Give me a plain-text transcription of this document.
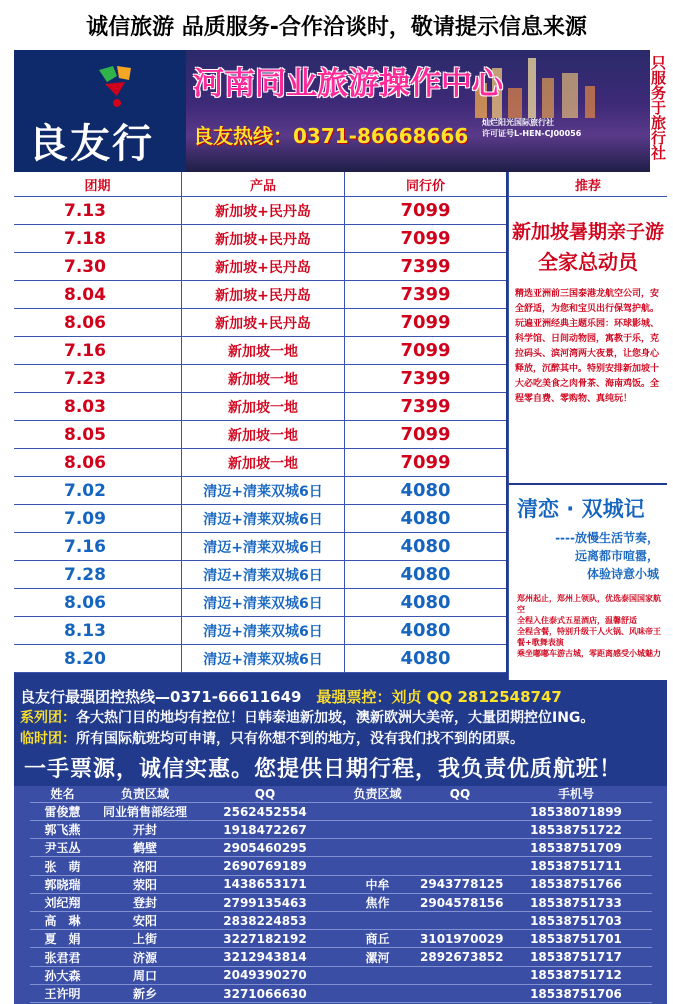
诚信旅游 品质服务-合作洽谈时，敬请提示信息来源
良友行
河南同业旅游操作中心
良友热线：0371-86668666
灿烂阳光国际旅行社
许可证号L-HEN-CJ00056
只服务于旅行社
团期	产品	同行价
7.13	新加坡+民丹岛	7099
7.18	新加坡+民丹岛	7099
7.30	新加坡+民丹岛	7399
8.04	新加坡+民丹岛	7399
8.06	新加坡+民丹岛	7099
7.16	新加坡一地	7099
7.23	新加坡一地	7399
8.03	新加坡一地	7399
8.05	新加坡一地	7099
8.06	新加坡一地	7099
7.02	清迈+清莱双城6日	4080
7.09	清迈+清莱双城6日	4080
7.16	清迈+清莱双城6日	4080
7.28	清迈+清莱双城6日	4080
8.06	清迈+清莱双城6日	4080
8.13	清迈+清莱双城6日	4080
8.20	清迈+清莱双城6日	4080
推荐
新加坡暑期亲子游
全家总动员
精选亚洲前三国泰港龙航空公司，安全舒适，为您和宝贝出行保驾护航。玩遍亚洲经典主题乐园：环球影城、科学馆、日间动物园，寓教于乐，克拉码头、滨河湾两大夜景，让您身心释放，沉醉其中。特别安排新加坡十大必吃美食之肉骨茶、海南鸡饭。全程零自费、零购物、真纯玩！
清恋 · 双城记
----放慢生活节奏，
远离都市喧嚣，
体验诗意小城
郑州起止，郑州上领队，优选泰国国家航空
全程入住泰式五星酒店，温馨舒适
全程含餐，特别升级干人火锅、风味帝王餐+歌舞表演
乘坐嘟嘟车游古城，零距离感受小城魅力
良友行最强团控热线—0371-66611649　 最强票控：刘贞 QQ 2812548747
系列团：各大热门目的地均有控位！日韩泰迪新加坡，澳新欧洲大美帝，大量团期控位ING。
临时团：所有国际航班均可申请，只有你想不到的地方，没有我们找不到的团票。
一手票源，诚信实惠。您提供日期行程，我负责优质航班！
姓名	负责区域	QQ	负责区域	QQ	手机号
雷俊慧	同业销售部经理	2562452554	18538071899
郭飞燕	开封	1918472267	18538751722
尹玉丛	鹤壁	2905460295	18538751709
张　萌	洛阳	2690769189	18538751711
郭晓瑞	荥阳	1438653171	中牟	2943778125	18538751766
刘纪翔	登封	2799135463	焦作	2904578156	18538751733
高　琳	安阳	2838224853	18538751703
夏　娟	上街	3227182192	商丘	3101970029	18538751701
张君君	济源	3212943814	漯河	2892673852	18538751717
孙大森	周口	2049390270	18538751712
王许明	新乡	3271066630	18538751706
